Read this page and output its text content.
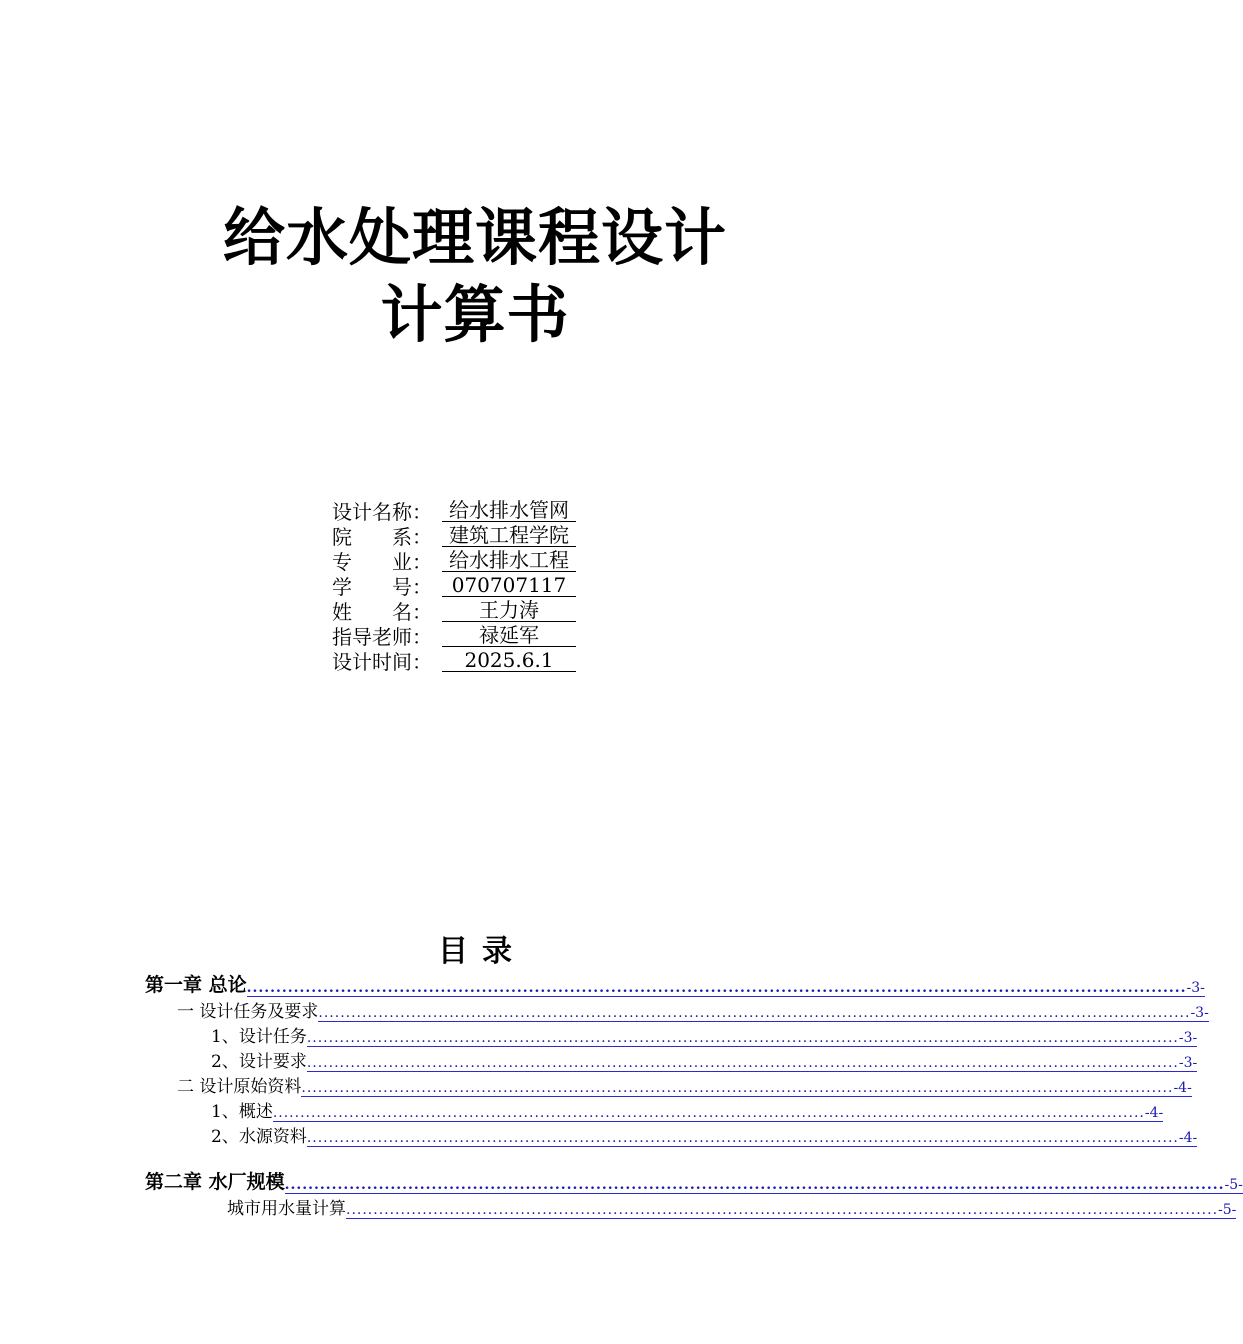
给水处理课程设计
计算书
设计名称： 给水排水管网
院　　系： 建筑工程学院
专　　业： 给水排水工程
学　　号： 070707117
姓　　名：	王力涛
指导老师：	禄延军
设计时间：	2025.6.1
目录
第一章 总论 ................................................................................................................................................................ -3-
一 设计任务及要求 ................................................................................................................................................................ -3-
1、设计任务 ................................................................................................................................................................ -3-
2、设计要求 ................................................................................................................................................................ -3-
二 设计原始资料 ................................................................................................................................................................ -4-
1、概述 ................................................................................................................................................................ -4-
2、水源资料 ................................................................................................................................................................ -4-
第二章 水厂规模 ................................................................................................................................................................ -5-
城市用水量计算 ................................................................................................................................................................ -5-
